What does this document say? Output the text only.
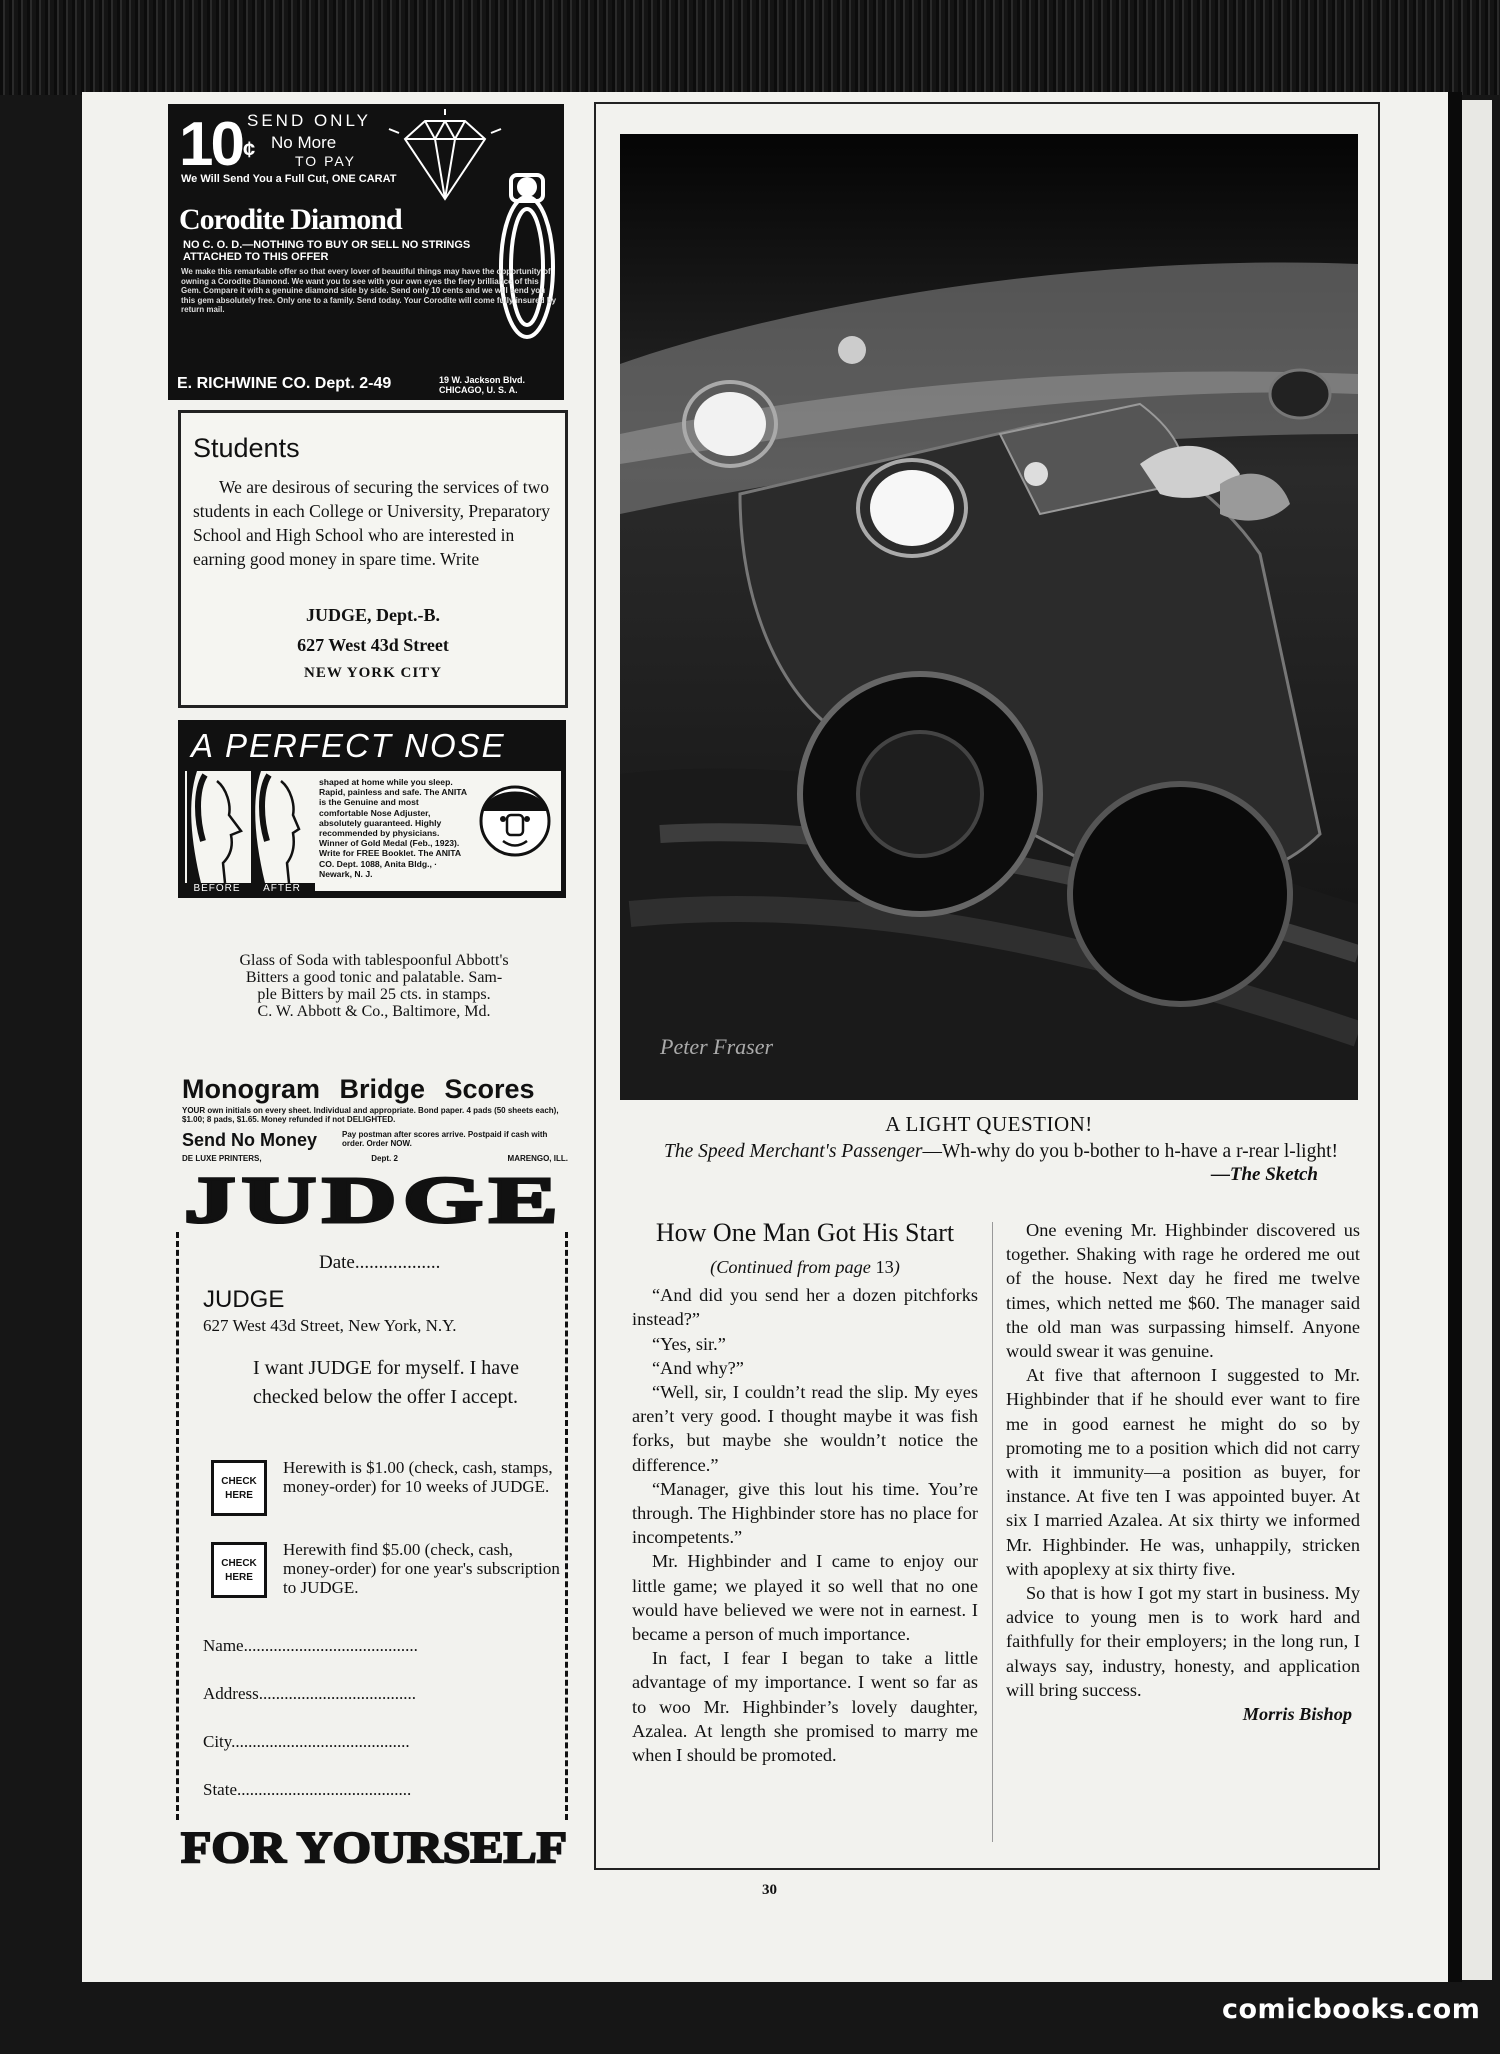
10 ¢
SEND ONLY
No More
TO PAY
We Will Send You a Full Cut, ONE CARAT
Corodite Diamond
NO C. O. D.—NOTHING TO BUY OR SELL NO STRINGS ATTACHED TO THIS OFFER
We make this remarkable offer so that every lover of beautiful things may have the opportunity of owning a Corodite Diamond. We want you to see with your own eyes the fiery brilliance of this Gem. Compare it with a genuine diamond side by side. Send only 10 cents and we will send you this gem absolutely free. Only one to a family. Send today. Your Corodite will come fully insured by return mail.
E. RICHWINE CO. Dept. 2-49	19 W. Jackson Blvd. CHICAGO, U. S. A.
Students
We are desirous of securing the services of two students in each College or University, Preparatory School and High School who are interested in earning good money in spare time. Write
JUDGE, Dept.-B.
627 West 43d Street
NEW YORK CITY
A PERFECT NOSE
BEFORE	AFTER
shaped at home while you sleep. Rapid, painless and safe. The ANITA is the Genuine and most comfortable Nose Adjuster, absolutely guaranteed. Highly recommended by physicians. Winner of Gold Medal (Feb., 1923). Write for FREE Booklet. The ANITA CO. Dept. 1088, Anita Bldg., · Newark, N. J.
Glass of Soda with tablespoonful Abbott's
Bitters a good tonic and palatable. Sam-
ple Bitters by mail 25 cts. in stamps.
C. W. Abbott & Co., Baltimore, Md.
Monogram Bridge Scores
YOUR own initials on every sheet. Individual and appropriate. Bond paper. 4 pads (50 sheets each), $1.00; 8 pads, $1.65. Money refunded if not DELIGHTED.
Send No Money	Pay postman after scores arrive. Postpaid if cash with order. Order NOW.
DE LUXE PRINTERS,	Dept. 2	MARENGO, ILL.
JUDGE
Date..................
JUDGE
627 West 43d Street, New York, N.Y.
I want JUDGE for myself. I have checked below the offer I accept.
CHECK HERE
Herewith is $1.00 (check, cash, stamps, money-order) for 10 weeks of JUDGE.
CHECK HERE
Herewith find $5.00 (check, cash, money-order) for one year's subscription to JUDGE.
Name.........................................
Address.....................................
City..........................................
State.........................................
FOR YOURSELF
Peter Fraser
A LIGHT QUESTION!
The Speed Merchant's Passenger—Wh-why do you b-bother to h-have a r-rear l-light!
— The Sketch
How One Man Got His Start
(Continued from page 13)

“And did you send her a dozen pitchforks instead?”

“Yes, sir.”

“And why?”

“Well, sir, I couldn’t read the slip. My eyes aren’t very good. I thought maybe it was fish forks, but maybe she wouldn’t notice the difference.”

“Manager, give this lout his time. You’re through. The Highbinder store has no place for incompetents.”

Mr. Highbinder and I came to enjoy our little game; we played it so well that no one would have believed we were not in earnest. I became a person of much importance.

In fact, I fear I began to take a little advantage of my importance. I went so far as to woo Mr. Highbinder’s lovely daughter, Azalea. At length she promised to marry me when I should be promoted.

One evening Mr. Highbinder discovered us together. Shaking with rage he ordered me out of the house. Next day he fired me twelve times, which netted me $60. The manager said the old man was surpassing himself. Anyone would swear it was genuine.

At five that afternoon I suggested to Mr. Highbinder that if he should ever want to fire me in good earnest he might do so by promoting me to a position which did not carry with it immunity—a position as buyer, for instance. At five ten I was appointed buyer. At six I married Azalea. At six thirty we informed Mr. Highbinder. He was, unhappily, stricken with apoplexy at six thirty five.

So that is how I got my start in business. My advice to young men is to work hard and faithfully for their employers; in the long run, I always say, industry, honesty, and application will bring success.

Morris Bishop
30
comicbooks.com
